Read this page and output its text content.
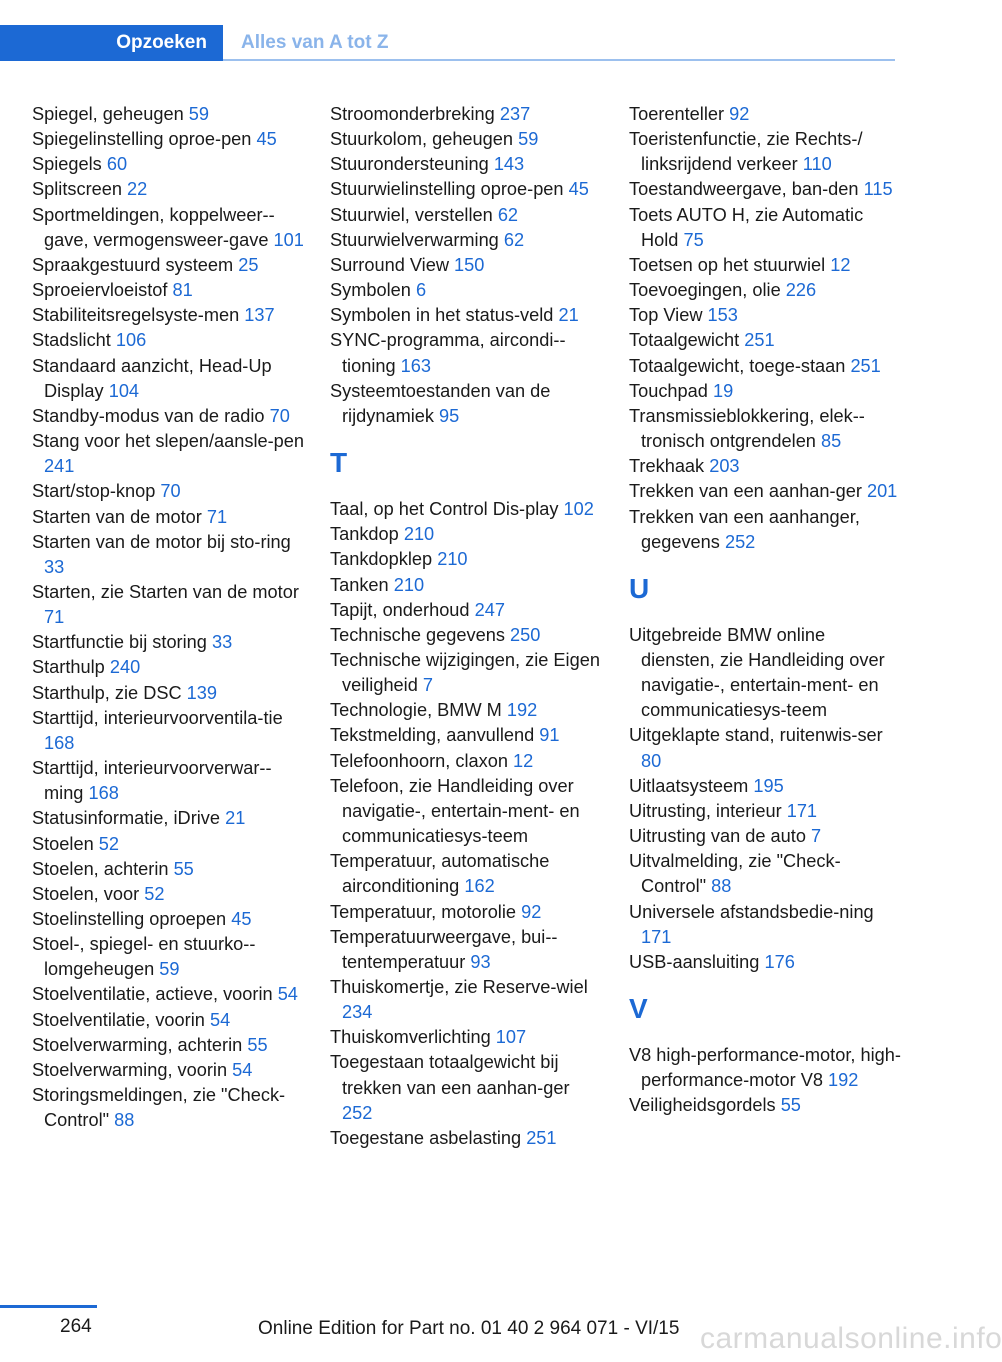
Opzoeken	Alles van A tot Z

Spiegel, geheugen 59

Spiegelinstelling oproe-pen 45

Spiegels 60

Splitscreen 22

Sportmeldingen, koppelweer-gave, vermogensweer-gave 101

Spraakgestuurd systeem 25

Sproeiervloeistof 81

Stabiliteitsregelsyste-men 137

Stadslicht 106

Standaard aanzicht, Head-Up Display 104

Standby-modus van de radio 70

Stang voor het slepen/aansle-pen 241

Start/stop-knop 70

Starten van de motor 71

Starten van de motor bij sto-ring 33

Starten, zie Starten van de motor 71

Startfunctie bij storing 33

Starthulp 240

Starthulp, zie DSC 139

Starttijd, interieurvoorventila-tie 168

Starttijd, interieurvoorverwar-ming 168

Statusinformatie, iDrive 21

Stoelen 52

Stoelen, achterin 55

Stoelen, voor 52

Stoelinstelling oproepen 45

Stoel-, spiegel- en stuurko-lomgeheugen 59

Stoelventilatie, actieve, voorin 54

Stoelventilatie, voorin 54

Stoelverwarming, achterin 55

Stoelverwarming, voorin 54

Storingsmeldingen, zie "Check-Control" 88

Stroomonderbreking 237

Stuurkolom, geheugen 59

Stuurondersteuning 143

Stuurwielinstelling oproe-pen 45

Stuurwiel, verstellen 62

Stuurwielverwarming 62

Surround View 150

Symbolen 6

Symbolen in het status-veld 21

SYNC-programma, aircondi-tioning 163

Systeemtoestanden van de rijdynamiek 95

T

Taal, op het Control Dis-play 102

Tankdop 210

Tankdopklep 210

Tanken 210

Tapijt, onderhoud 247

Technische gegevens 250

Technische wijzigingen, zie Eigen veiligheid 7

Technologie, BMW M 192

Tekstmelding, aanvullend 91

Telefoonhoorn, claxon 12

Telefoon, zie Handleiding over navigatie-, entertain-ment- en communicatiesys-teem

Temperatuur, automatische airconditioning 162

Temperatuur, motorolie 92

Temperatuurweergave, bui-tentemperatuur 93

Thuiskomertje, zie Reserve-wiel 234

Thuiskomverlichting 107

Toegestaan totaalgewicht bij trekken van een aanhan-ger 252

Toegestane asbelasting 251

Toerenteller 92

Toeristenfunctie, zie Rechts-/​linksrijdend verkeer 110

Toestandweergave, ban-den 115

Toets AUTO H, zie Automatic Hold 75

Toetsen op het stuurwiel 12

Toevoegingen, olie 226

Top View 153

Totaalgewicht 251

Totaalgewicht, toege-staan 251

Touchpad 19

Transmissieblokkering, elek-tronisch ontgrendelen 85

Trekhaak 203

Trekken van een aanhan-ger 201

Trekken van een aanhanger, gegevens 252

U

Uitgebreide BMW online diensten, zie Handleiding over navigatie-, entertain-ment- en communicatiesys-teem

Uitgeklapte stand, ruitenwis-ser 80

Uitlaatsysteem 195

Uitrusting, interieur 171

Uitrusting van de auto 7

Uitvalmelding, zie "Check-Control" 88

Universele afstandsbedie-ning 171

USB-aansluiting 176

V

V8 high-performance-motor, high-performance-motor V8 192

Veiligheidsgordels 55

264	Online Edition for Part no. 01 40 2 964 071 - VI/15 carmanualsonline.info
